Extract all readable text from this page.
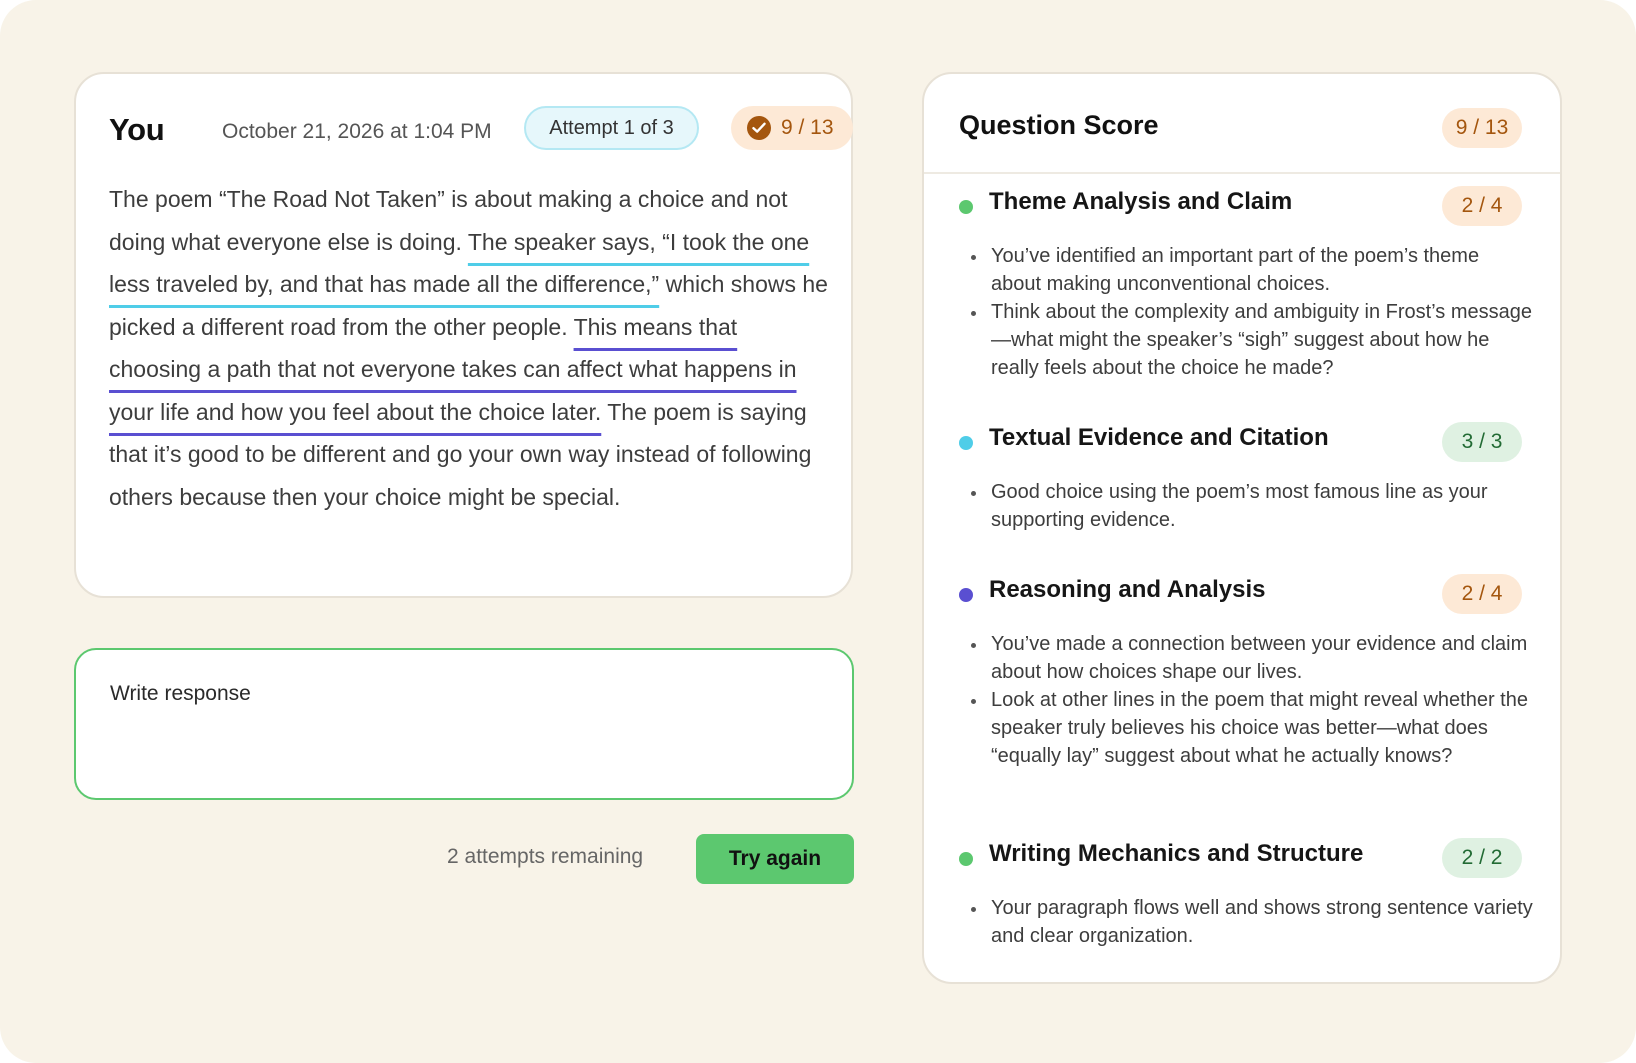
You	October 21, 2026 at 1:04 PM	Attempt 1 of 3	9 / 13

The poem “The Road Not Taken” is about making a choice and not doing what everyone else is doing. The speaker says, “I took the one less traveled by, and that has made all the difference,” which shows he picked a different road from the other people. This means that choosing a path that not everyone takes can affect what happens in your life and how you feel about the choice later. The poem is saying that it’s good to be different and go your own way instead of following others because then your choice might be special.

Write response
2 attempts remaining	Try again
Question Score	9 / 13
Theme Analysis and Claim	2 / 4
You’ve identified an important part of the poem’s theme about making unconventional choices.
Think about the complexity and ambiguity in Frost’s message—what might the speaker’s “sigh” suggest about how he really feels about the choice he made?
Textual Evidence and Citation	3 / 3
Good choice using the poem’s most famous line as your supporting evidence.
Reasoning and Analysis	2 / 4
You’ve made a connection between your evidence and claim about how choices shape our lives.
Look at other lines in the poem that might reveal whether the speaker truly believes his choice was better—what does “equally lay” suggest about what he actually knows?
Writing Mechanics and Structure	2 / 2
Your paragraph flows well and shows strong sentence variety and clear organization.
